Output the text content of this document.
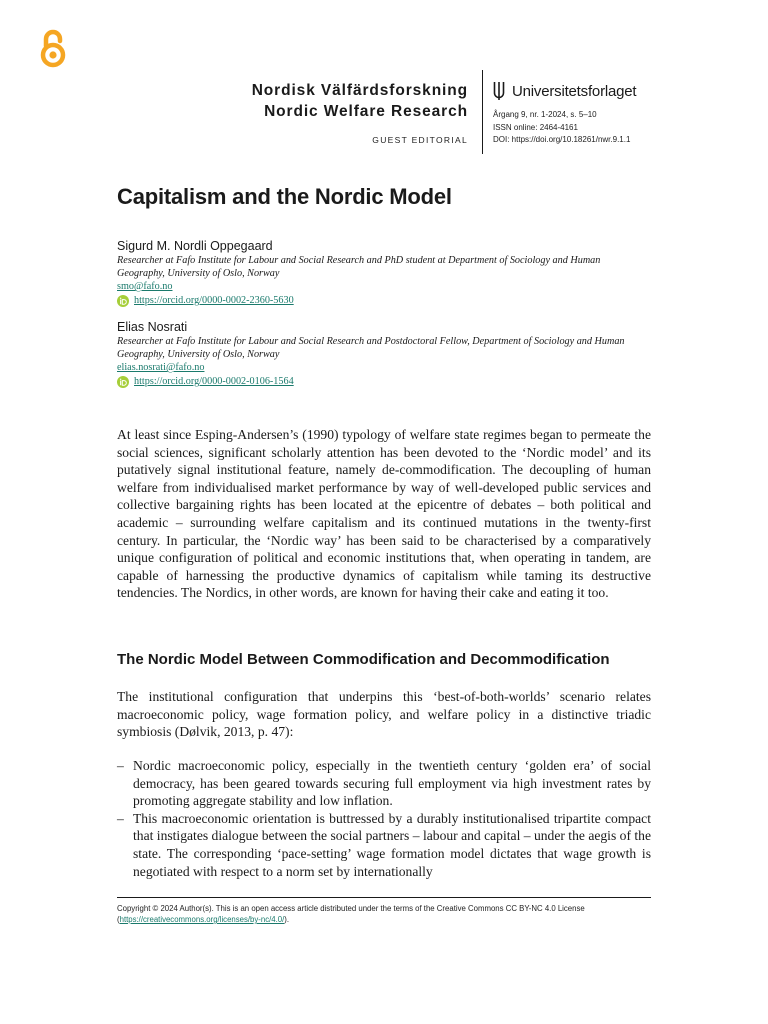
Nordisk Välfärdsforskning
Nordic Welfare Research
GUEST EDITORIAL
Universitetsforlaget
Årgang 9, nr. 1-2024, s. 5–10
ISSN online: 2464-4161
DOI: https://doi.org/10.18261/nwr.9.1.1
Capitalism and the Nordic Model
Sigurd M. Nordli Oppegaard
Researcher at Fafo Institute for Labour and Social Research and PhD student at Department of Sociology and Human
Geography, University of Oslo, Norway
smo@fafo.no
https://orcid.org/0000-0002-2360-5630
Elias Nosrati
Researcher at Fafo Institute for Labour and Social Research and Postdoctoral Fellow, Department of Sociology and Human
Geography, University of Oslo, Norway
elias.nosrati@fafo.no
https://orcid.org/0000-0002-0106-1564

At least since Esping-Andersen’s (1990) typology of welfare state regimes began to permeate the social sciences, significant scholarly attention has been devoted to the ‘Nordic model’ and its putatively signal institutional feature, namely de-commodification. The decoupling of human welfare from individualised market performance by way of well-developed public services and collective bargaining rights has been located at the epicentre of debates – both political and academic – surrounding welfare capitalism and its continued mutations in the twenty-first century. In particular, the ‘Nordic way’ has been said to be characterised by a comparatively unique configuration of political and economic institutions that, when operating in tandem, are capable of harnessing the productive dynamics of capitalism while taming its destructive tendencies. The Nordics, in other words, are known for having their cake and eating it too.

The Nordic Model Between Commodification and Decommodification

The institutional configuration that underpins this ‘best-of-both-worlds’ scenario relates macroeconomic policy, wage formation policy, and welfare policy in a distinctive triadic symbiosis (Dølvik, 2013, p. 47):

– Nordic macroeconomic policy, especially in the twentieth century ‘golden era’ of social democracy, has been geared towards securing full employment via high investment rates by promoting aggregate stability and low inflation.
– This macroeconomic orientation is buttressed by a durably institutionalised tripartite compact that instigates dialogue between the social partners – labour and capital – under the aegis of the state. The corresponding ‘pace-setting’ wage formation model dictates that wage growth is negotiated with respect to a norm set by internationally
Copyright © 2024 Author(s). This is an open access article distributed under the terms of the Creative Commons CC BY-NC 4.0 License
(https://creativecommons.org/licenses/by-nc/4.0/).
